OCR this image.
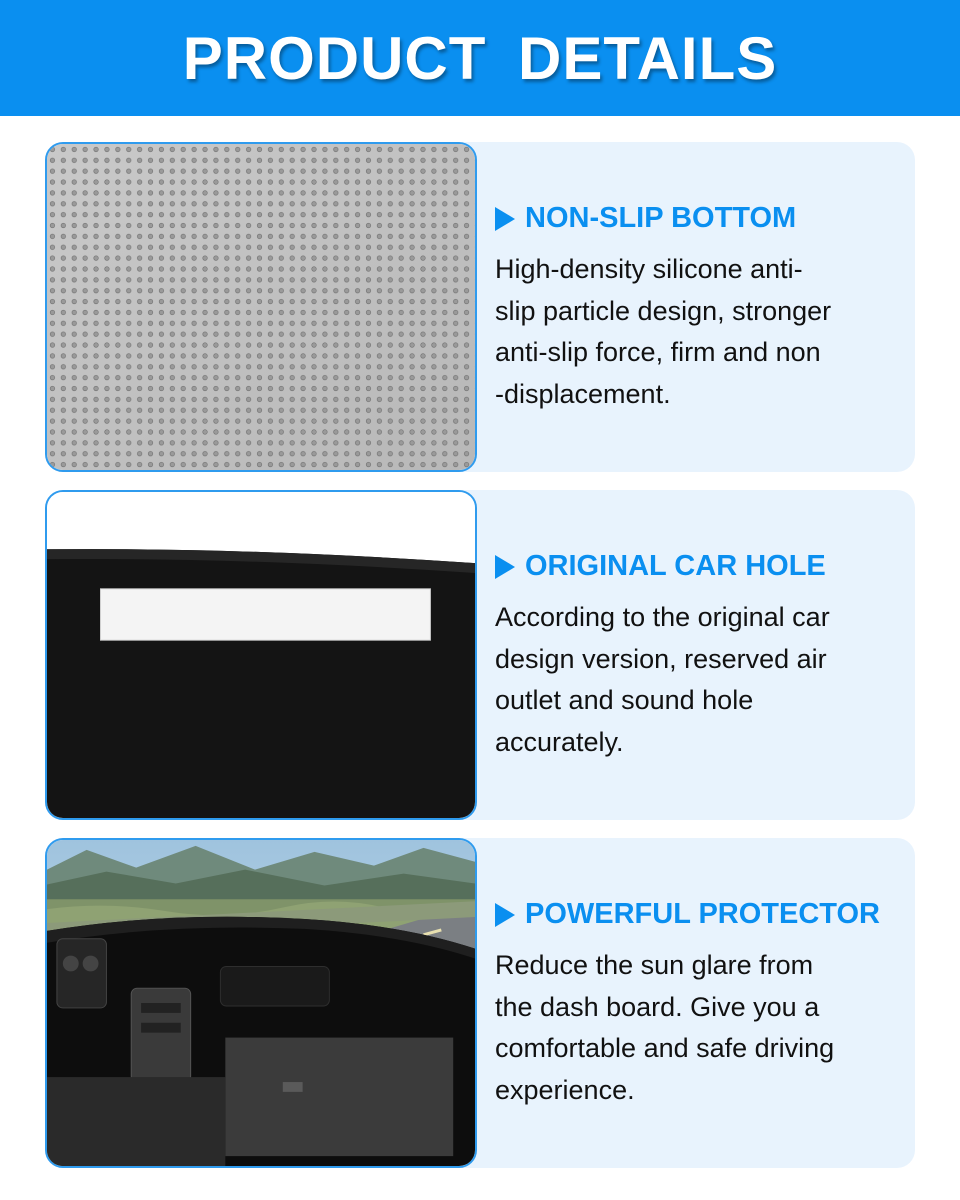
PRODUCT DETAILS
NON-SLIP BOTTOM
High-density silicone anti-
slip particle design, stronger
anti-slip force, firm and non
-displacement.
ORIGINAL CAR HOLE
According to the original car
design version, reserved air
outlet and sound hole
accurately.
POWERFUL PROTECTOR
Reduce the sun glare from
the dash board. Give you a
comfortable and safe driving
experience.
